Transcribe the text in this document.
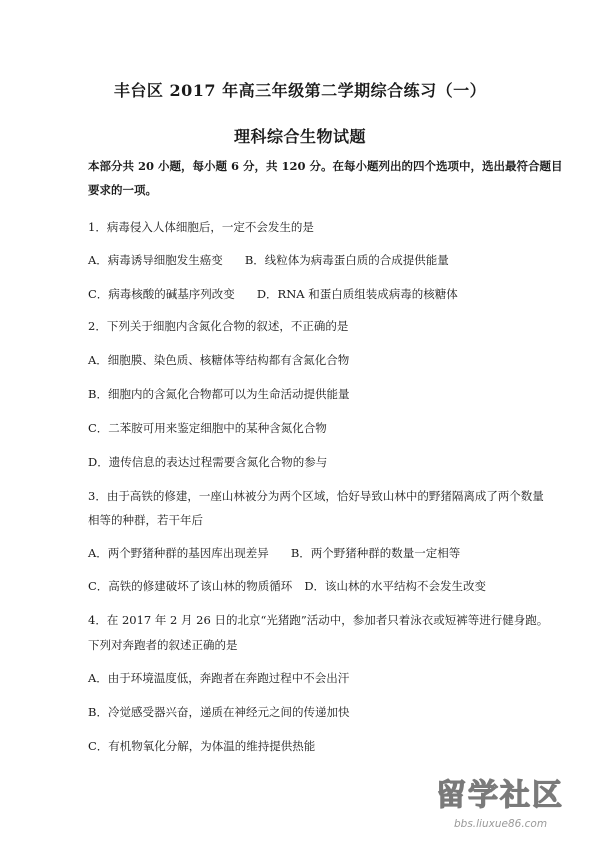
丰台区 2017 年高三年级第二学期综合练习（一）
理科综合生物试题
本部分共 20 小题，每小题 6 分，共 120 分。在每小题列出的四个选项中，选出最符合题目
要求的一项。
1．病毒侵入人体细胞后，一定不会发生的是
A．病毒诱导细胞发生癌变 B．线粒体为病毒蛋白质的合成提供能量
C．病毒核酸的碱基序列改变 D．RNA 和蛋白质组装成病毒的核糖体
2．下列关于细胞内含氮化合物的叙述，不正确的是
A．细胞膜、染色质、核糖体等结构都有含氮化合物
B．细胞内的含氮化合物都可以为生命活动提供能量
C．二苯胺可用来鉴定细胞中的某种含氮化合物
D．遗传信息的表达过程需要含氮化合物的参与
3．由于高铁的修建，一座山林被分为两个区域，恰好导致山林中的野猪隔离成了两个数量
相等的种群，若干年后
A．两个野猪种群的基因库出现差异 B．两个野猪种群的数量一定相等
C．高铁的修建破坏了该山林的物质循环 D．该山林的水平结构不会发生改变
4．在 2017 年 2 月 26 日的北京“光猪跑”活动中，参加者只着泳衣或短裤等进行健身跑。
下列对奔跑者的叙述正确的是
A．由于环境温度低，奔跑者在奔跑过程中不会出汗
B．冷觉感受器兴奋，递质在神经元之间的传递加快
C．有机物氧化分解，为体温的维持提供热能
留学社区
bbs.liuxue86.com
